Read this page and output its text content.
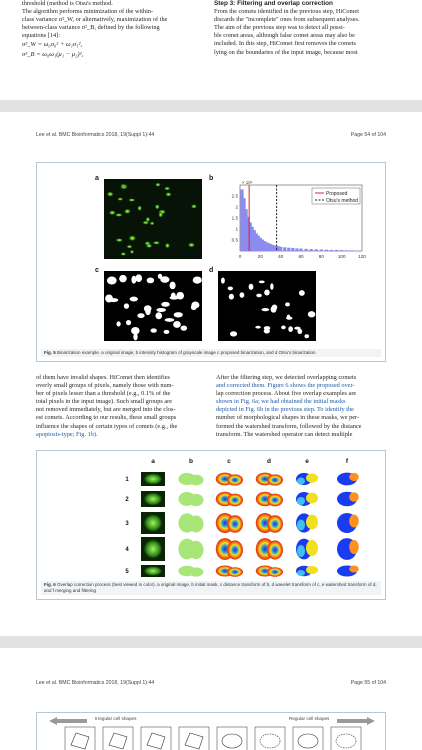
threshold (method is Otsu's method.

The algorithm performs minimization of the within-

class variance σ²_W, or alternatively, maximization of the

between-class variance σ²_B, defined by the following

equations [14]:

σ²_W = ω₀σ₀² + ω₁σ₁²,

σ²_B = ω₀ω₁(μ₁ − μ₂)²,

Step 3: Filtering and overlap correction

From the comets identified in the previous step, HiComet

discards the "incomplete" ones from subsequent analyses.

The aim of the previous step was to detect all possi-

ble comet areas, although false comet areas may also be

included. In this step, HiComet first removes the comets

lying on the boundaries of the input image, because most

Lee et al. BMC Bioinformatics 2018, 19(Suppl 1):44	Page 54 of 104
a	b
c	d
0	20	40	60	80	100	120
0.5
1
1.5
2
2.5
× 10⁴
Proposed
Otsu's method
Fig. 5 Binarization example. a original image, b intensity histogram of grayscale image c proposed binarization, and d Otsu's binarization

of them have invalid shapes. HiComet then identifies

overly small groups of pixels, namely those with num-

ber of pixels lesser than a threshold (e.g., 0.1% of the

total pixels in the input image). Such small groups are

not removed immediately, but are merged into the clos-

est comets. According to our results, these small groups

influence the shapes of certain types of comets (e.g., the

apoptosis-type; Fig. 1b).

After the filtering step, we detected overlapping comets

and corrected them. Figure 6 shows the proposed over-

lap correction process. About five overlap examples are

shown in Fig. 6a; we had obtained the initial masks

depicted in Fig. 6b in the previous step. To identify the

number of morphological shapes in these masks, we per-

formed the watershed transform, followed by the distance

transform. The watershed operator can detect multiple

a	b	c	d	e	f
1
2
3
4
5
Fig. 6 Overlap correction process (best viewed in color). a original image, b initial mask, c distance transform of b, d wavelet transform of c, e watershed transform of d, and f merging and filtering
Lee et al. BMC Bioinformatics 2018, 19(Suppl 1):44	Page 55 of 104
Irregular cell shapes	Regular cell shapes
